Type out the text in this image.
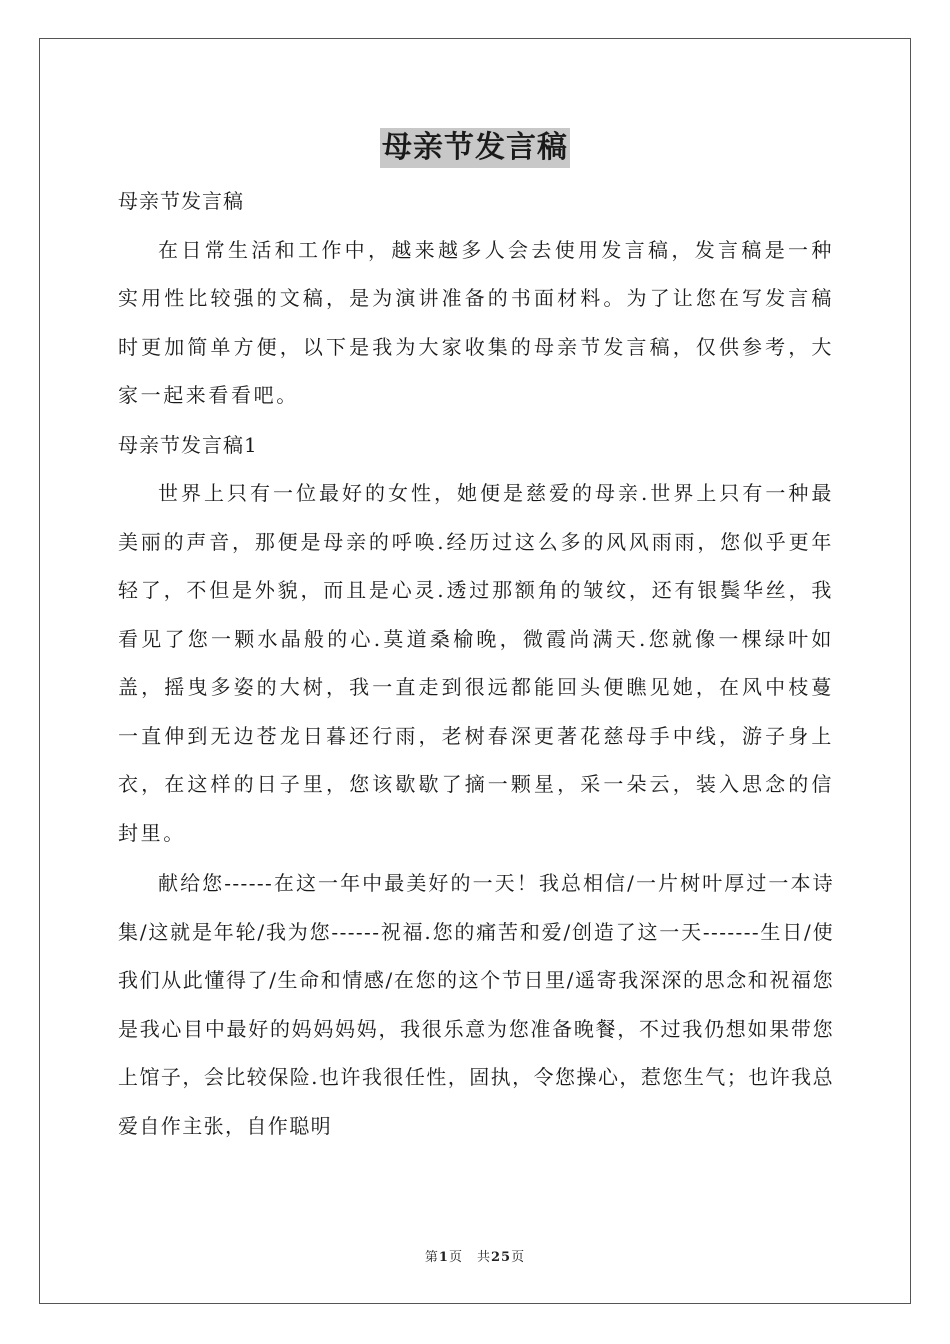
母亲节发言稿

母亲节发言稿

在日常生活和工作中，越来越多人会去使用发言稿，发言稿是一种实用性比较强的文稿，是为演讲准备的书面材料。为了让您在写发言稿时更加简单方便，以下是我为大家收集的母亲节发言稿，仅供参考，大家一起来看看吧。

母亲节发言稿1

世界上只有一位最好的女性，她便是慈爱的母亲.世界上只有一种最美丽的声音，那便是母亲的呼唤.经历过这么多的风风雨雨，您似乎更年轻了，不但是外貌，而且是心灵.透过那额角的皱纹，还有银鬓华丝，我看见了您一颗水晶般的心.莫道桑榆晚，微霞尚满天.您就像一棵绿叶如盖，摇曳多姿的大树，我一直走到很远都能回头便瞧见她，在风中枝蔓一直伸到无边苍龙日暮还行雨，老树春深更著花慈母手中线，游子身上衣，在这样的日子里，您该歇歇了摘一颗星，采一朵云，装入思念的信封里。

献给您------在这一年中最美好的一天！我总相信/一片树叶厚过一本诗集/这就是年轮/我为您------祝福.您的痛苦和爱/创造了这一天-------生日/使我们从此懂得了/生命和情感/在您的这个节日里/遥寄我深深的思念和祝福您是我心目中最好的妈妈妈妈，我很乐意为您准备晚餐，不过我仍想如果带您上馆子，会比较保险.也许我很任性，固执，令您操心，惹您生气；也许我总爱自作主张，自作聪明

第1页　共25页
